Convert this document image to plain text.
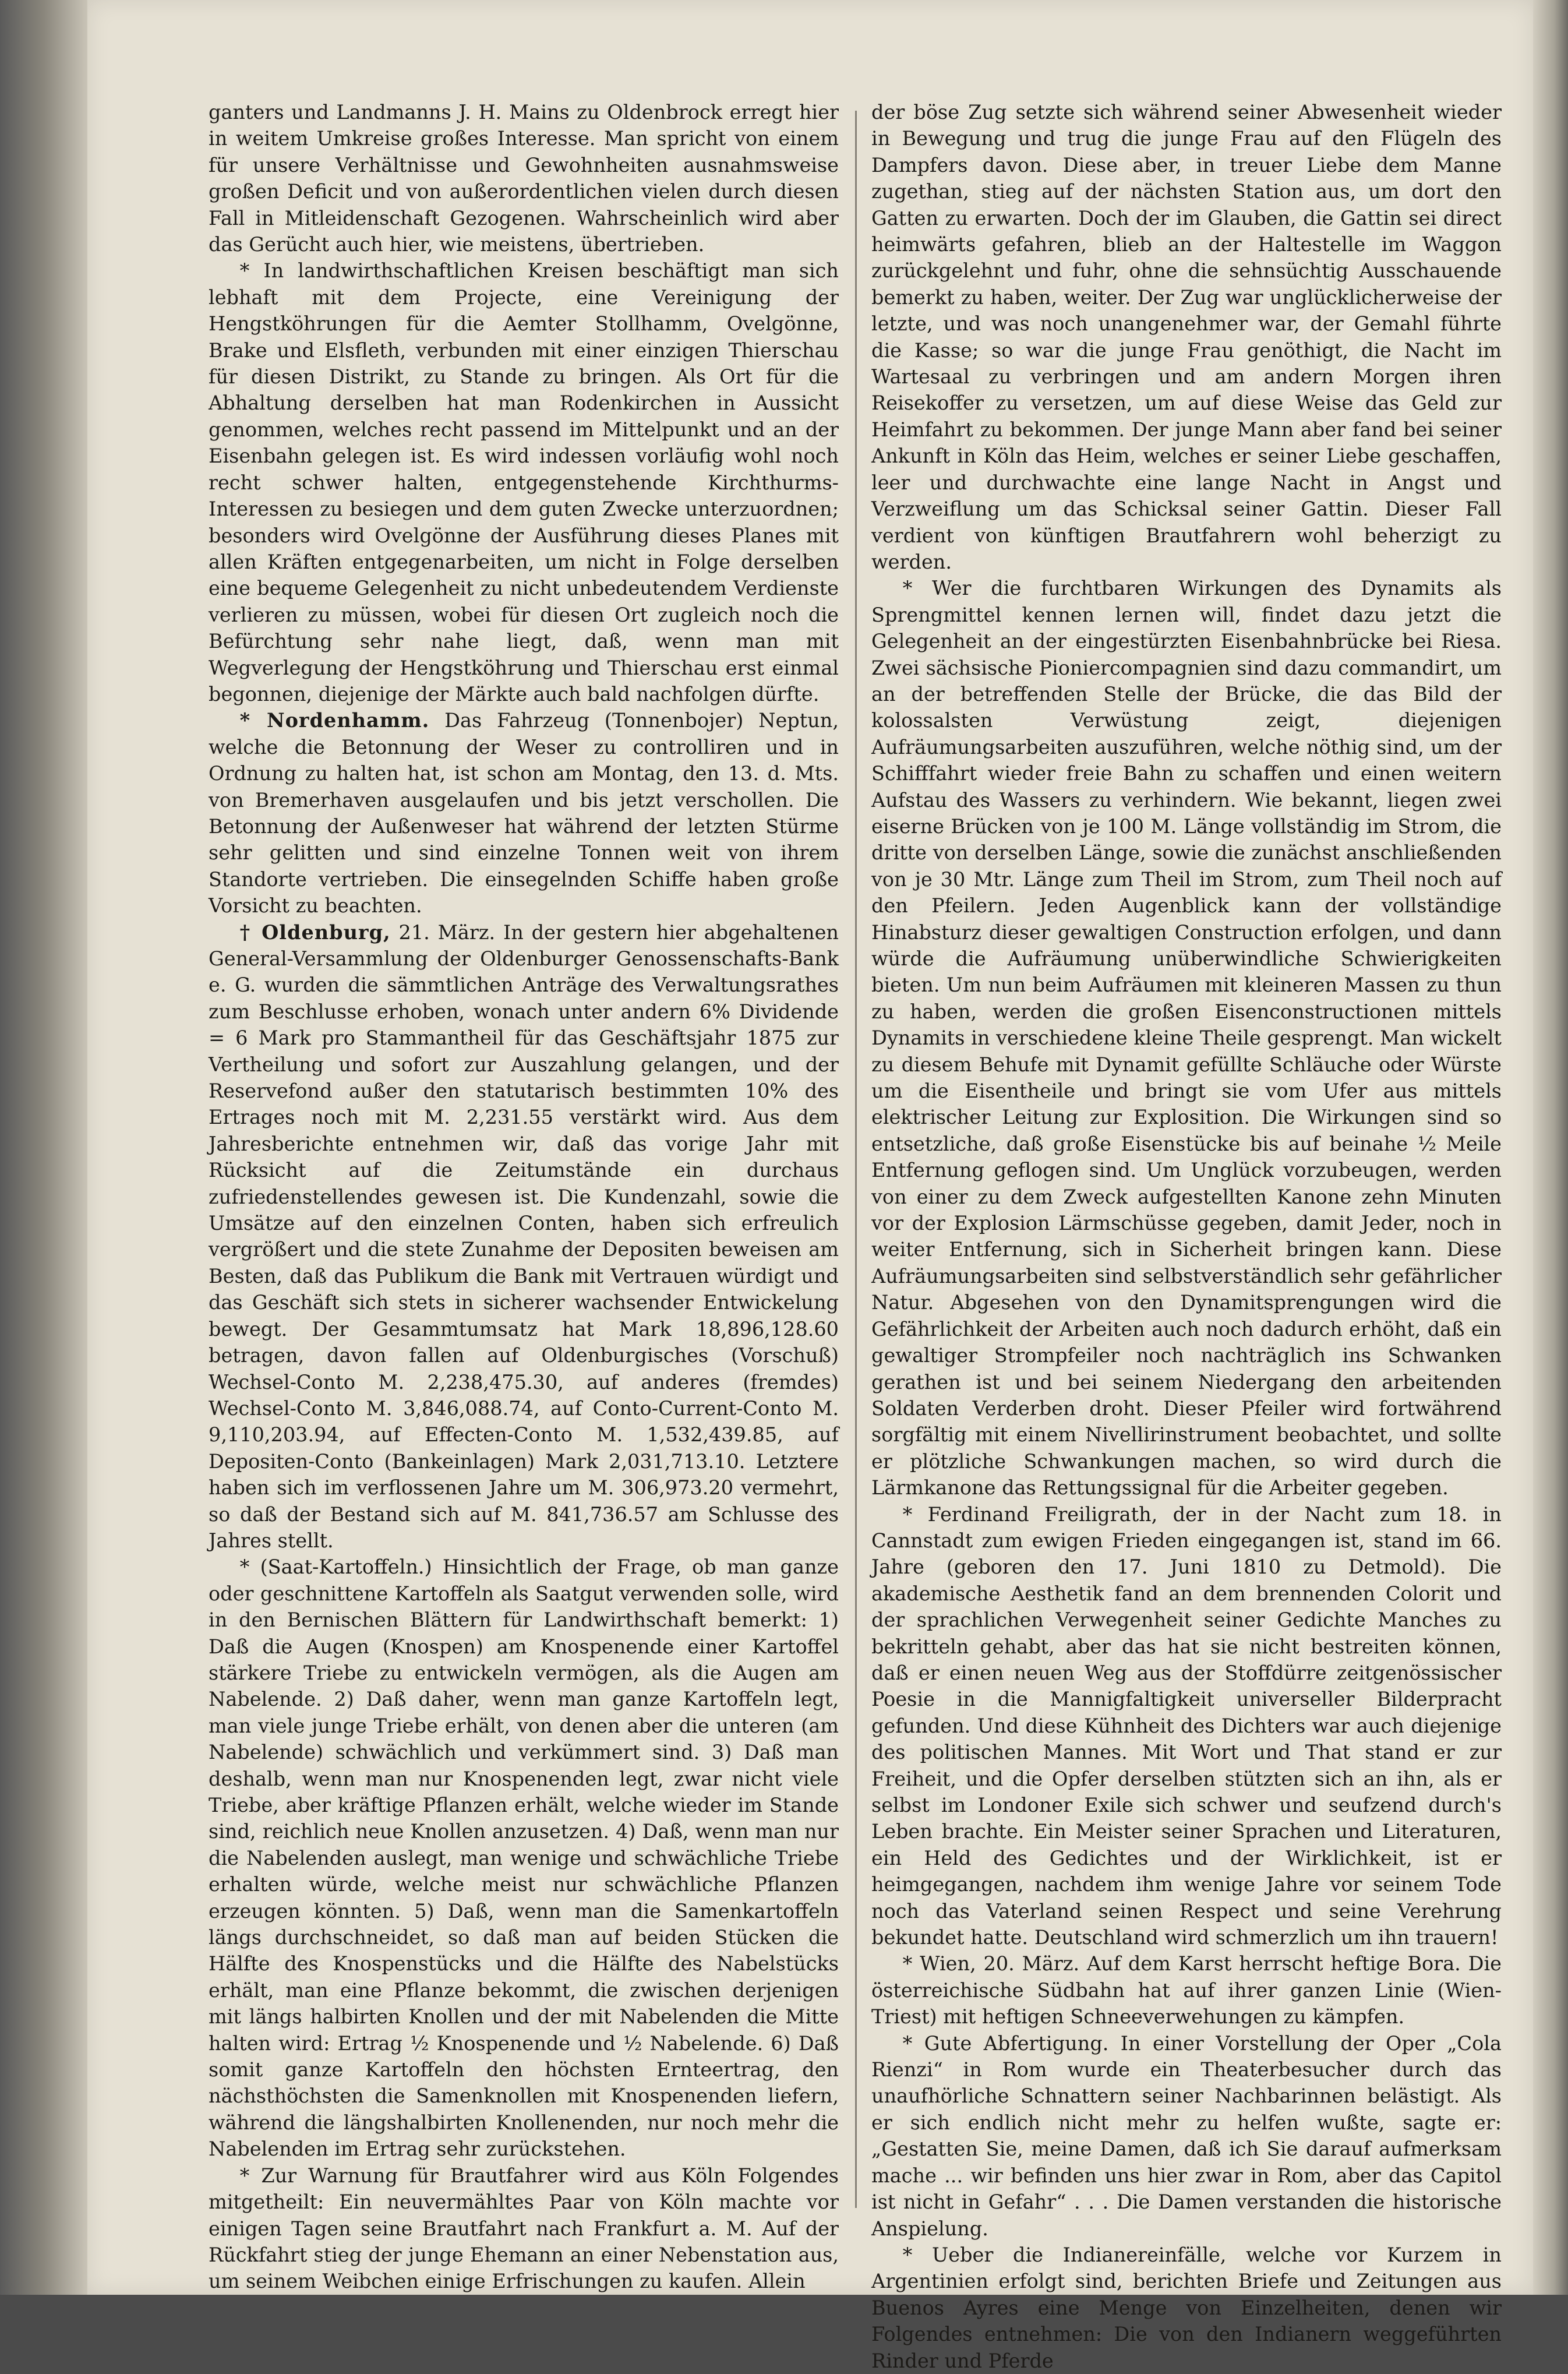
ganters und Landmanns J. H. Mains zu Oldenbrock erregt hier in weitem Umkreise großes Interesse. Man spricht von einem für unsere Verhältnisse und Gewohnheiten ausnahmsweise großen Deficit und von außerordentlichen vielen durch diesen Fall in Mitleidenschaft Gezogenen. Wahrscheinlich wird aber das Gerücht auch hier, wie meistens, übertrieben.

* In landwirthschaftlichen Kreisen beschäftigt man sich lebhaft mit dem Projecte, eine Vereinigung der Hengstköhrungen für die Aemter Stollhamm, Ovelgönne, Brake und Elsfleth, verbunden mit einer einzigen Thierschau für diesen Distrikt, zu Stande zu bringen. Als Ort für die Abhaltung derselben hat man Rodenkirchen in Aussicht genommen, welches recht passend im Mittelpunkt und an der Eisenbahn gelegen ist. Es wird indessen vorläufig wohl noch recht schwer halten, entgegenstehende Kirchthurms-Interessen zu besiegen und dem guten Zwecke unterzuordnen; besonders wird Ovelgönne der Ausführung dieses Planes mit allen Kräften entgegenarbeiten, um nicht in Folge derselben eine bequeme Gelegenheit zu nicht unbedeutendem Verdienste verlieren zu müssen, wobei für diesen Ort zugleich noch die Befürchtung sehr nahe liegt, daß, wenn man mit Wegverlegung der Hengstköhrung und Thierschau erst einmal begonnen, diejenige der Märkte auch bald nachfolgen dürfte.

* Nordenhamm. Das Fahrzeug (Tonnenbojer) Neptun, welche die Betonnung der Weser zu controlliren und in Ordnung zu halten hat, ist schon am Montag, den 13. d. Mts. von Bremerhaven ausgelaufen und bis jetzt verschollen. Die Betonnung der Außenweser hat während der letzten Stürme sehr gelitten und sind einzelne Tonnen weit von ihrem Standorte vertrieben. Die einsegelnden Schiffe haben große Vorsicht zu beachten.

† Oldenburg, 21. März. In der gestern hier abgehaltenen General-Versammlung der Oldenburger Genossenschafts-Bank e. G. wurden die sämmtlichen Anträge des Verwaltungsrathes zum Beschlusse erhoben, wonach unter andern 6% Dividende = 6 Mark pro Stammantheil für das Geschäftsjahr 1875 zur Vertheilung und sofort zur Auszahlung gelangen, und der Reservefond außer den statutarisch bestimmten 10% des Ertrages noch mit M. 2,231.55 verstärkt wird. Aus dem Jahresberichte entnehmen wir, daß das vorige Jahr mit Rücksicht auf die Zeitumstände ein durchaus zufriedenstellendes gewesen ist. Die Kundenzahl, sowie die Umsätze auf den einzelnen Conten, haben sich erfreulich vergrößert und die stete Zunahme der Depositen beweisen am Besten, daß das Publikum die Bank mit Vertrauen würdigt und das Geschäft sich stets in sicherer wachsender Entwickelung bewegt. Der Gesammtumsatz hat Mark 18,896,128.60 betragen, davon fallen auf Oldenburgisches (Vorschuß) Wechsel-Conto M. 2,238,475.30, auf anderes (fremdes) Wechsel-Conto M. 3,846,088.74, auf Conto-Current-Conto M. 9,110,203.94, auf Effecten-Conto M. 1,532,439.85, auf Depositen-Conto (Bankeinlagen) Mark 2,031,713.10. Letztere haben sich im verflossenen Jahre um M. 306,973.20 vermehrt, so daß der Bestand sich auf M. 841,736.57 am Schlusse des Jahres stellt.

* (Saat-Kartoffeln.) Hinsichtlich der Frage, ob man ganze oder geschnittene Kartoffeln als Saatgut verwenden solle, wird in den Bernischen Blättern für Landwirthschaft bemerkt: 1) Daß die Augen (Knospen) am Knospenende einer Kartoffel stärkere Triebe zu entwickeln vermögen, als die Augen am Nabelende. 2) Daß daher, wenn man ganze Kartoffeln legt, man viele junge Triebe erhält, von denen aber die unteren (am Nabelende) schwächlich und verkümmert sind. 3) Daß man deshalb, wenn man nur Knospenenden legt, zwar nicht viele Triebe, aber kräftige Pflanzen erhält, welche wieder im Stande sind, reichlich neue Knollen anzusetzen. 4) Daß, wenn man nur die Nabelenden auslegt, man wenige und schwächliche Triebe erhalten würde, welche meist nur schwächliche Pflanzen erzeugen könnten. 5) Daß, wenn man die Samenkartoffeln längs durchschneidet, so daß man auf beiden Stücken die Hälfte des Knospenstücks und die Hälfte des Nabelstücks erhält, man eine Pflanze bekommt, die zwischen derjenigen mit längs halbirten Knollen und der mit Nabelenden die Mitte halten wird: Ertrag ½ Knospenende und ½ Nabelende. 6) Daß somit ganze Kartoffeln den höchsten Ernteertrag, den nächsthöchsten die Samenknollen mit Knospenenden liefern, während die längshalbirten Knollenenden, nur noch mehr die Nabelenden im Ertrag sehr zurückstehen.

* Zur Warnung für Brautfahrer wird aus Köln Folgendes mitgetheilt: Ein neuvermähltes Paar von Köln machte vor einigen Tagen seine Brautfahrt nach Frankfurt a. M. Auf der Rückfahrt stieg der junge Ehemann an einer Nebenstation aus, um seinem Weibchen einige Erfrischungen zu kaufen. Allein

der böse Zug setzte sich während seiner Abwesenheit wieder in Bewegung und trug die junge Frau auf den Flügeln des Dampfers davon. Diese aber, in treuer Liebe dem Manne zugethan, stieg auf der nächsten Station aus, um dort den Gatten zu erwarten. Doch der im Glauben, die Gattin sei direct heimwärts gefahren, blieb an der Haltestelle im Waggon zurückgelehnt und fuhr, ohne die sehnsüchtig Ausschauende bemerkt zu haben, weiter. Der Zug war unglücklicherweise der letzte, und was noch unangenehmer war, der Gemahl führte die Kasse; so war die junge Frau genöthigt, die Nacht im Wartesaal zu verbringen und am andern Morgen ihren Reisekoffer zu versetzen, um auf diese Weise das Geld zur Heimfahrt zu bekommen. Der junge Mann aber fand bei seiner Ankunft in Köln das Heim, welches er seiner Liebe geschaffen, leer und durchwachte eine lange Nacht in Angst und Verzweiflung um das Schicksal seiner Gattin. Dieser Fall verdient von künftigen Brautfahrern wohl beherzigt zu werden.

* Wer die furchtbaren Wirkungen des Dynamits als Sprengmittel kennen lernen will, findet dazu jetzt die Gelegenheit an der eingestürzten Eisenbahnbrücke bei Riesa. Zwei sächsische Pioniercompagnien sind dazu commandirt, um an der betreffenden Stelle der Brücke, die das Bild der kolossalsten Verwüstung zeigt, diejenigen Aufräumungsarbeiten auszuführen, welche nöthig sind, um der Schifffahrt wieder freie Bahn zu schaffen und einen weitern Aufstau des Wassers zu verhindern. Wie bekannt, liegen zwei eiserne Brücken von je 100 M. Länge vollständig im Strom, die dritte von derselben Länge, sowie die zunächst anschließenden von je 30 Mtr. Länge zum Theil im Strom, zum Theil noch auf den Pfeilern. Jeden Augenblick kann der vollständige Hinabsturz dieser gewaltigen Construction erfolgen, und dann würde die Aufräumung unüberwindliche Schwierigkeiten bieten. Um nun beim Aufräumen mit kleineren Massen zu thun zu haben, werden die großen Eisenconstructionen mittels Dynamits in verschiedene kleine Theile gesprengt. Man wickelt zu diesem Behufe mit Dynamit gefüllte Schläuche oder Würste um die Eisentheile und bringt sie vom Ufer aus mittels elektrischer Leitung zur Explosition. Die Wirkungen sind so entsetzliche, daß große Eisenstücke bis auf beinahe ½ Meile Entfernung geflogen sind. Um Unglück vorzubeugen, werden von einer zu dem Zweck aufgestellten Kanone zehn Minuten vor der Explosion Lärmschüsse gegeben, damit Jeder, noch in weiter Entfernung, sich in Sicherheit bringen kann. Diese Aufräumungsarbeiten sind selbstverständlich sehr gefährlicher Natur. Abgesehen von den Dynamitsprengungen wird die Gefährlichkeit der Arbeiten auch noch dadurch erhöht, daß ein gewaltiger Strompfeiler noch nachträglich ins Schwanken gerathen ist und bei seinem Niedergang den arbeitenden Soldaten Verderben droht. Dieser Pfeiler wird fortwährend sorgfältig mit einem Nivellirinstrument beobachtet, und sollte er plötzliche Schwankungen machen, so wird durch die Lärmkanone das Rettungssignal für die Arbeiter gegeben.

* Ferdinand Freiligrath, der in der Nacht zum 18. in Cannstadt zum ewigen Frieden eingegangen ist, stand im 66. Jahre (geboren den 17. Juni 1810 zu Detmold). Die akademische Aesthetik fand an dem brennenden Colorit und der sprachlichen Verwegenheit seiner Gedichte Manches zu bekritteln gehabt, aber das hat sie nicht bestreiten können, daß er einen neuen Weg aus der Stoffdürre zeitgenössischer Poesie in die Mannigfaltigkeit universeller Bilderpracht gefunden. Und diese Kühnheit des Dichters war auch diejenige des politischen Mannes. Mit Wort und That stand er zur Freiheit, und die Opfer derselben stützten sich an ihn, als er selbst im Londoner Exile sich schwer und seufzend durch's Leben brachte. Ein Meister seiner Sprachen und Literaturen, ein Held des Gedichtes und der Wirklichkeit, ist er heimgegangen, nachdem ihm wenige Jahre vor seinem Tode noch das Vaterland seinen Respect und seine Verehrung bekundet hatte. Deutschland wird schmerzlich um ihn trauern!

* Wien, 20. März. Auf dem Karst herrscht heftige Bora. Die österreichische Südbahn hat auf ihrer ganzen Linie (Wien-Triest) mit heftigen Schneeverwehungen zu kämpfen.

* Gute Abfertigung. In einer Vorstellung der Oper „Cola Rienzi“ in Rom wurde ein Theaterbesucher durch das unaufhörliche Schnattern seiner Nachbarinnen belästigt. Als er sich endlich nicht mehr zu helfen wußte, sagte er: „Gestatten Sie, meine Damen, daß ich Sie darauf aufmerksam mache ... wir befinden uns hier zwar in Rom, aber das Capitol ist nicht in Gefahr“ . . . Die Damen verstanden die historische Anspielung.

* Ueber die Indianereinfälle, welche vor Kurzem in Argentinien erfolgt sind, berichten Briefe und Zeitungen aus Buenos Ayres eine Menge von Einzelheiten, denen wir Folgendes entnehmen: Die von den Indianern weggeführten Rinder und Pferde
